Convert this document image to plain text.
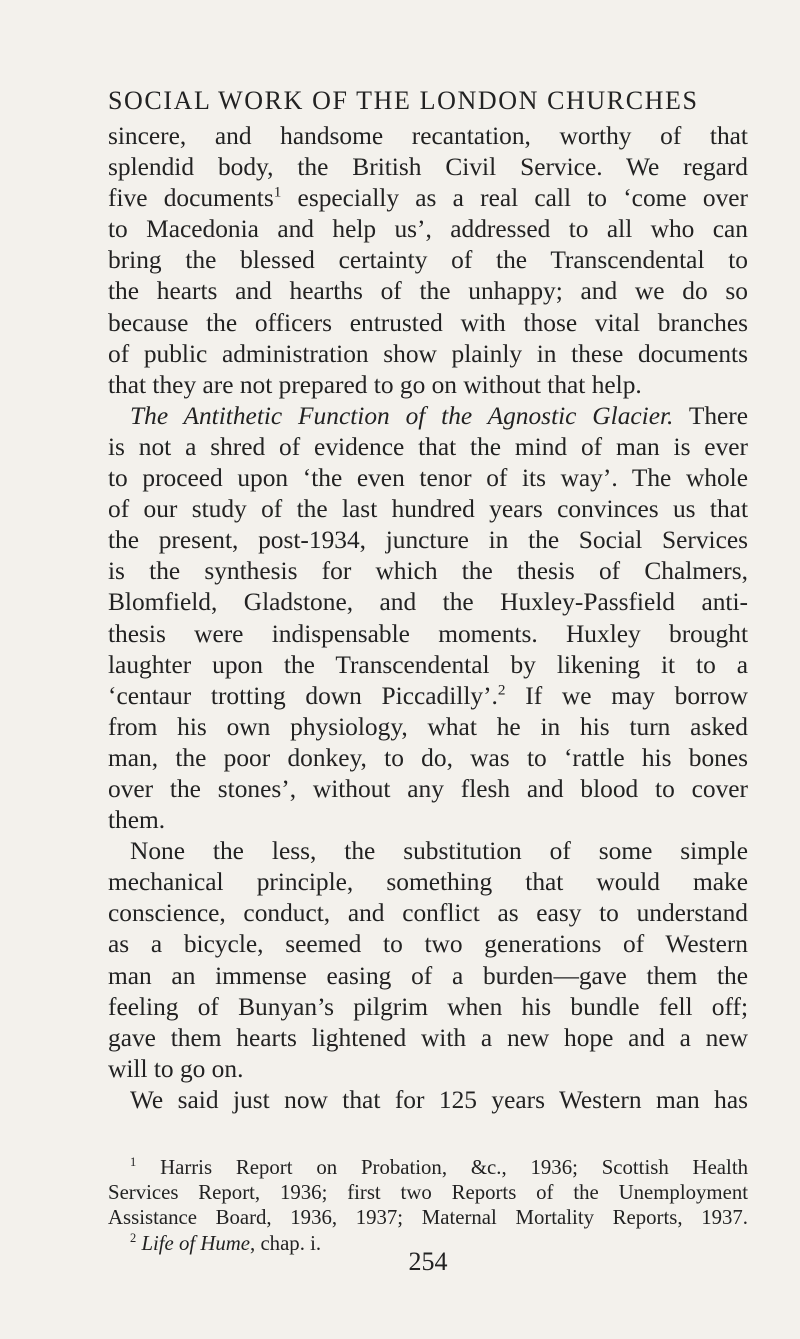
SOCIAL WORK OF THE LONDON CHURCHES
sincere, and handsome recantation, worthy of that
splendid body, the British Civil Service. We regard
five documents$^1$ especially as a real call to ‘come over
to Macedonia and help us’, addressed to all who can
bring the blessed certainty of the Transcendental to
the hearts and hearths of the unhappy; and we do so
because the officers entrusted with those vital branches
of public administration show plainly in these documents
that they are not prepared to go on without that help.
The Antithetic Function of the Agnostic Glacier. There
is not a shred of evidence that the mind of man is ever
to proceed upon ‘the even tenor of its way’. The whole
of our study of the last hundred years convinces us that
the present, post-1934, juncture in the Social Services
is the synthesis for which the thesis of Chalmers,
Blomfield, Gladstone, and the Huxley-Passfield anti-
thesis were indispensable moments. Huxley brought
laughter upon the Transcendental by likening it to a
‘centaur trotting down Piccadilly’.$^2$ If we may borrow
from his own physiology, what he in his turn asked
man, the poor donkey, to do, was to ‘rattle his bones
over the stones’, without any flesh and blood to cover
them.
None the less, the substitution of some simple
mechanical principle, something that would make
conscience, conduct, and conflict as easy to understand
as a bicycle, seemed to two generations of Western
man an immense easing of a burden—gave them the
feeling of Bunyan’s pilgrim when his bundle fell off;
gave them hearts lightened with a new hope and a new
will to go on.
We said just now that for 125 years Western man has
$^1$ Harris Report on Probation, &c., 1936; Scottish Health
Services Report, 1936; first two Reports of the Unemployment
Assistance Board, 1936, 1937; Maternal Mortality Reports, 1937.
$^2$ Life of Hume, chap. i.
254
